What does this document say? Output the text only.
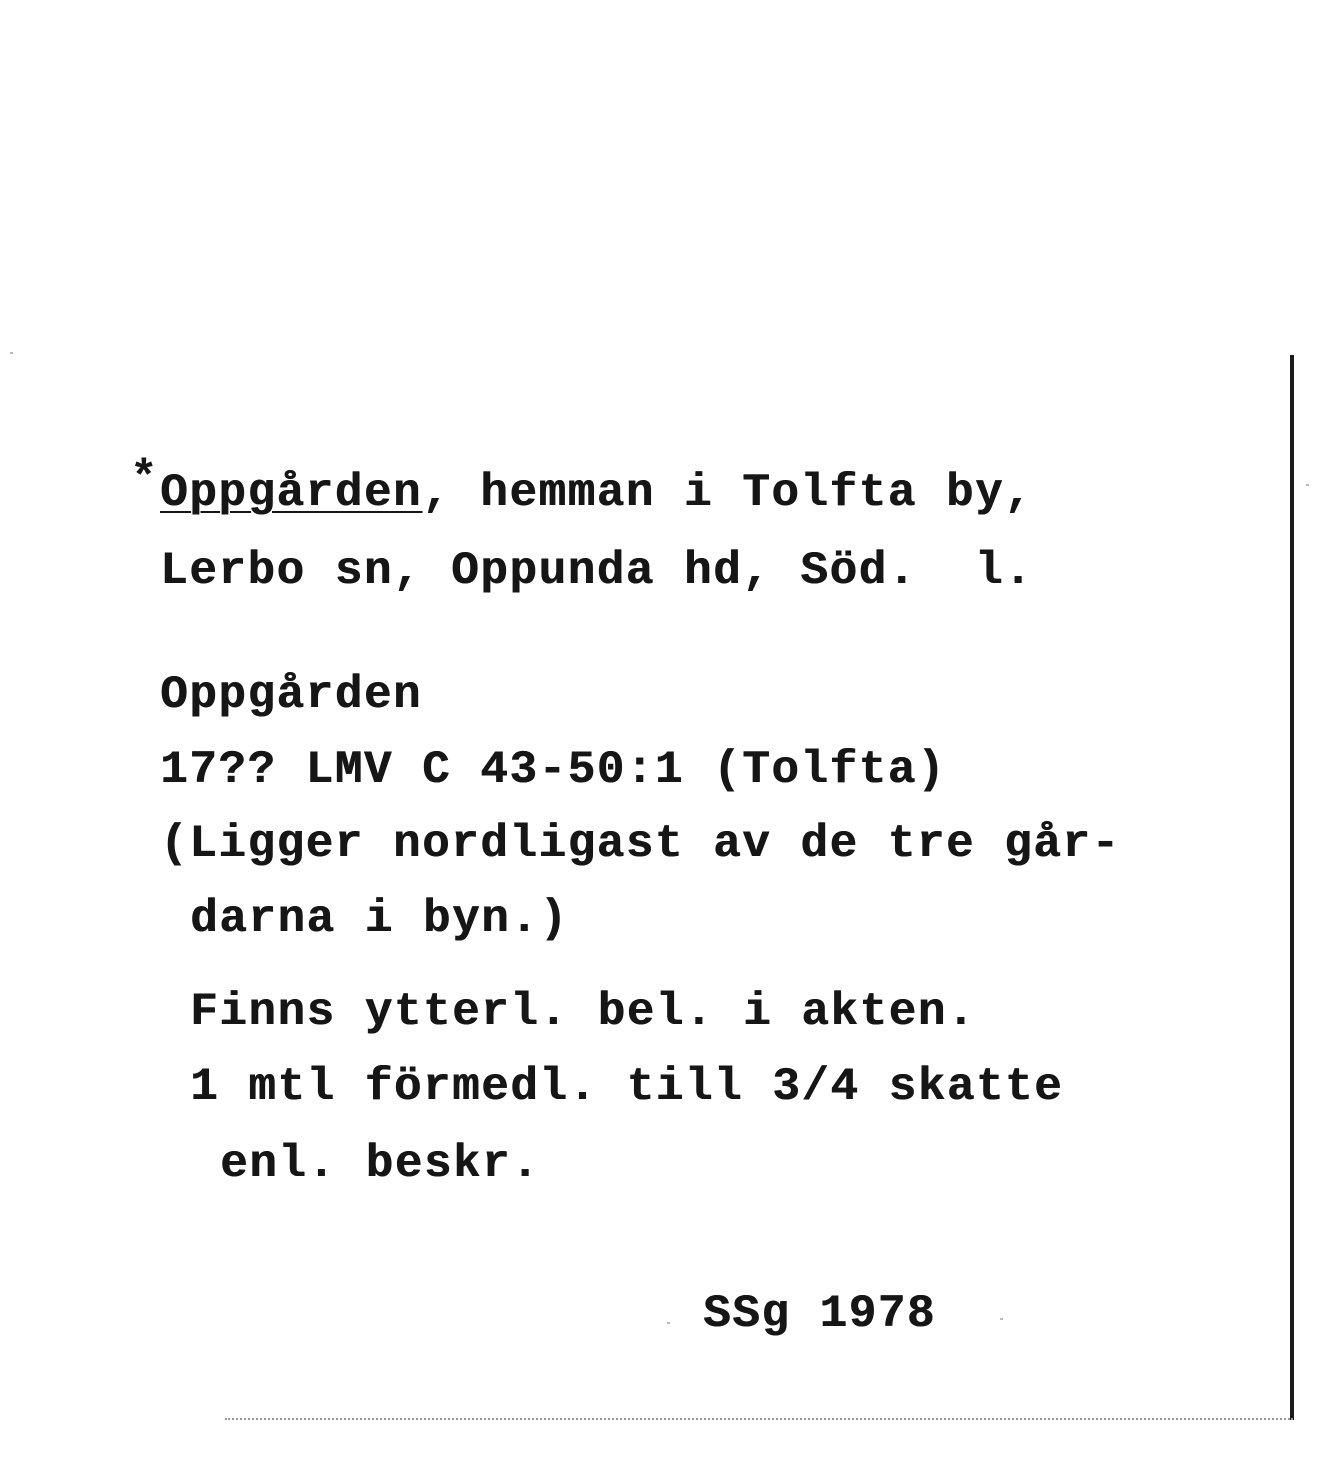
* Oppgården, hemman i Tolfta by,
Lerbo sn, Oppunda hd, Söd.  l.
Oppgården
17?? LMV C 43-50:1 (Tolfta)
(Ligger nordligast av de tre går-
darna i byn.)
Finns ytterl. bel. i akten.
1 mtl förmedl. till 3/4 skatte
enl. beskr.
SSg 1978
